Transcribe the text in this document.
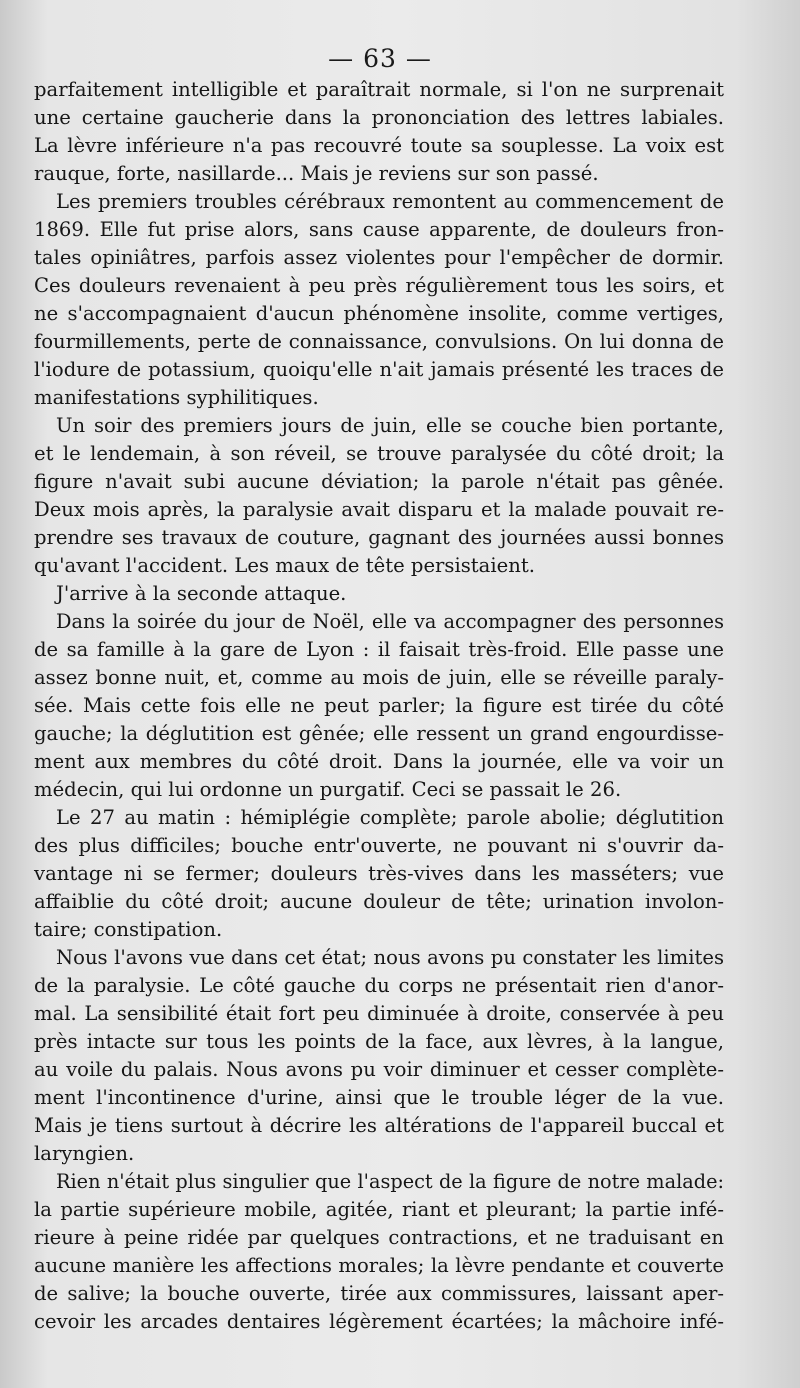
— 63 —
parfaitement intelligible et paraîtrait normale, si l'on ne surprenait
une certaine gaucherie dans la prononciation des lettres labiales.
La lèvre inférieure n'a pas recouvré toute sa souplesse. La voix est
rauque, forte, nasillarde... Mais je reviens sur son passé.
Les premiers troubles cérébraux remontent au commencement de
1869. Elle fut prise alors, sans cause apparente, de douleurs fron-
tales opiniâtres, parfois assez violentes pour l'empêcher de dormir.
Ces douleurs revenaient à peu près régulièrement tous les soirs, et
ne s'accompagnaient d'aucun phénomène insolite, comme vertiges,
fourmillements, perte de connaissance, convulsions. On lui donna de
l'iodure de potassium, quoiqu'elle n'ait jamais présenté les traces de
manifestations syphilitiques.
Un soir des premiers jours de juin, elle se couche bien portante,
et le lendemain, à son réveil, se trouve paralysée du côté droit; la
figure n'avait subi aucune déviation; la parole n'était pas gênée.
Deux mois après, la paralysie avait disparu et la malade pouvait re-
prendre ses travaux de couture, gagnant des journées aussi bonnes
qu'avant l'accident. Les maux de tête persistaient.
J'arrive à la seconde attaque.
Dans la soirée du jour de Noël, elle va accompagner des personnes
de sa famille à la gare de Lyon : il faisait très-froid. Elle passe une
assez bonne nuit, et, comme au mois de juin, elle se réveille paraly-
sée. Mais cette fois elle ne peut parler; la figure est tirée du côté
gauche; la déglutition est gênée; elle ressent un grand engourdisse-
ment aux membres du côté droit. Dans la journée, elle va voir un
médecin, qui lui ordonne un purgatif. Ceci se passait le 26.
Le 27 au matin : hémiplégie complète; parole abolie; déglutition
des plus difficiles; bouche entr'ouverte, ne pouvant ni s'ouvrir da-
vantage ni se fermer; douleurs très-vives dans les masséters; vue
affaiblie du côté droit; aucune douleur de tête; urination involon-
taire; constipation.
Nous l'avons vue dans cet état; nous avons pu constater les limites
de la paralysie. Le côté gauche du corps ne présentait rien d'anor-
mal. La sensibilité était fort peu diminuée à droite, conservée à peu
près intacte sur tous les points de la face, aux lèvres, à la langue,
au voile du palais. Nous avons pu voir diminuer et cesser complète-
ment l'incontinence d'urine, ainsi que le trouble léger de la vue.
Mais je tiens surtout à décrire les altérations de l'appareil buccal et
laryngien.
Rien n'était plus singulier que l'aspect de la figure de notre malade:
la partie supérieure mobile, agitée, riant et pleurant; la partie infé-
rieure à peine ridée par quelques contractions, et ne traduisant en
aucune manière les affections morales; la lèvre pendante et couverte
de salive; la bouche ouverte, tirée aux commissures, laissant aper-
cevoir les arcades dentaires légèrement écartées; la mâchoire infé-
